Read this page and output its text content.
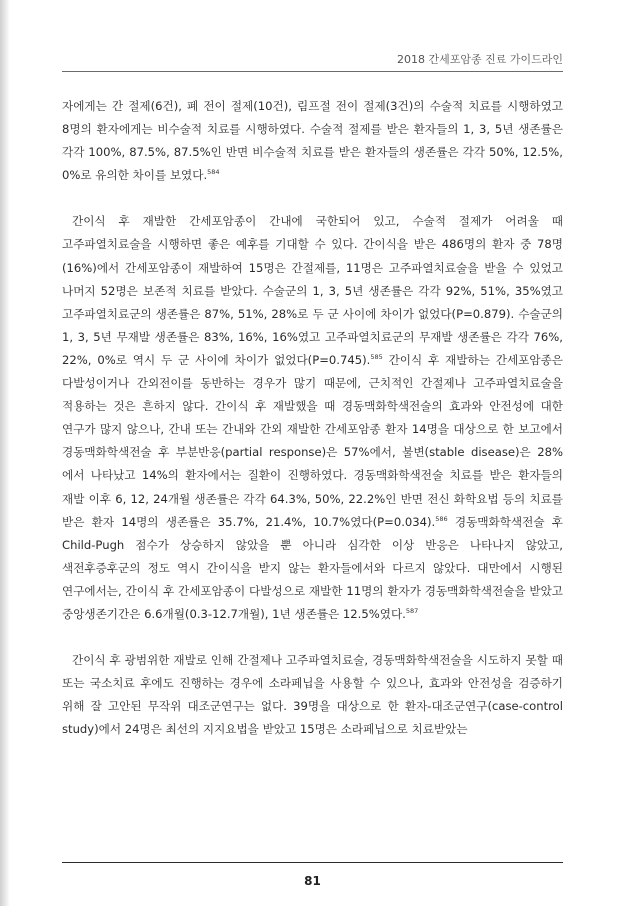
2018 간세포암종 진료 가이드라인

자에게는 간 절제(6건), 폐 전이 절제(10건), 림프절 전이 절제(3건)의 수술적 치료를 시행하였고 8명의 환자에게는 비수술적 치료를 시행하였다. 수술적 절제를 받은 환자들의 1, 3, 5년 생존률은 각각 100%, 87.5%, 87.5%인 반면 비수술적 치료를 받은 환자들의 생존률은 각각 50%, 12.5%, 0%로 유의한 차이를 보였다.$^{584}$

간이식 후 재발한 간세포암종이 간내에 국한되어 있고, 수술적 절제가 어려울 때 고주파열치료술을 시행하면 좋은 예후를 기대할 수 있다. 간이식을 받은 486명의 환자 중 78명(16%)에서 간세포암종이 재발하여 15명은 간절제를, 11명은 고주파열치료술을 받을 수 있었고 나머지 52명은 보존적 치료를 받았다. 수술군의 1, 3, 5년 생존률은 각각 92%, 51%, 35%였고 고주파열치료군의 생존률은 87%, 51%, 28%로 두 군 사이에 차이가 없었다(P=0.879). 수술군의 1, 3, 5년 무재발 생존률은 83%, 16%, 16%였고 고주파열치료군의 무재발 생존률은 각각 76%, 22%, 0%로 역시 두 군 사이에 차이가 없었다(P=0.745).$^{585}$ 간이식 후 재발하는 간세포암종은 다발성이거나 간외전이를 동반하는 경우가 많기 때문에, 근치적인 간절제나 고주파열치료술을 적용하는 것은 흔하지 않다. 간이식 후 재발했을 때 경동맥화학색전술의 효과와 안전성에 대한 연구가 많지 않으나, 간내 또는 간내와 간외 재발한 간세포암종 환자 14명을 대상으로 한 보고에서 경동맥화학색전술 후 부분반응(partial response)은 57%에서, 불변(stable disease)은 28%에서 나타났고 14%의 환자에서는 질환이 진행하였다. 경동맥화학색전술 치료를 받은 환자들의 재발 이후 6, 12, 24개월 생존률은 각각 64.3%, 50%, 22.2%인 반면 전신 화학요법 등의 치료를 받은 환자 14명의 생존률은 35.7%, 21.4%, 10.7%였다(P=0.034).$^{586}$ 경동맥화학색전술 후 Child-Pugh 점수가 상승하지 않았을 뿐 아니라 심각한 이상 반응은 나타나지 않았고, 색전후증후군의 정도 역시 간이식을 받지 않는 환자들에서와 다르지 않았다. 대만에서 시행된 연구에서는, 간이식 후 간세포암종이 다발성으로 재발한 11명의 환자가 경동맥화학색전술을 받았고 중앙생존기간은 6.6개월(0.3-12.7개월), 1년 생존률은 12.5%였다.$^{587}$

간이식 후 광범위한 재발로 인해 간절제나 고주파열치료술, 경동맥화학색전술을 시도하지 못할 때 또는 국소치료 후에도 진행하는 경우에 소라페닙을 사용할 수 있으나, 효과와 안전성을 검증하기 위해 잘 고안된 무작위 대조군연구는 없다. 39명을 대상으로 한 환자-대조군연구(case-control study)에서 24명은 최선의 지지요법을 받았고 15명은 소라페닙으로 치료받았는

81
